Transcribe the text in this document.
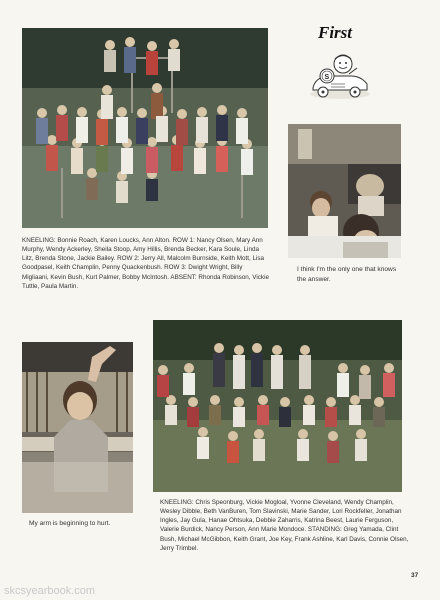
First
S

KNEELING: Bonnie Roach, Karen Loucks, Ann Alton. ROW 1: Nancy Olsen, Mary Ann Murphy, Wendy Ackerley, Sheila Stoop, Amy Hillis, Brenda Becker, Kara Soule, Linda Litz, Brenda Stone, Jackie Bailey. ROW 2: Jerry All, Malcolm Burnside, Keith Mott, Lisa Goodpasel, Keith Champlin, Penny Quackenbush. ROW 3: Dwight Wright, Billy Migliaani, Kevin Bush, Kurt Palmer, Bobby McIntosh. ABSENT: Rhonda Robinson, Vickie Tuttle, Paula Martin.

I think I'm the only one that knows the answer.

My arm is beginning to hurt.

KNEELING: Chris Speonburg, Vickie Mogloal, Yvonne Cleveland, Wendy Champlin, Wesley Dibble, Beth VanBuren, Tom Slavinski, Marie Sander, Lori Rockfeller, Jonathan Ingles, Jay Gula, Hanae Ohtsuka, Debbie Zaharris, Katrina Beest, Laurie Ferguson, Valerie Burdick, Nancy Person, Ann Marie Mondoce. STANDING: Greg Yamada, Clint Bush, Michael McGibbon, Keith Grant, Joe Key, Frank Ashline, Karl Davis, Connie Olsen, Jerry Trimbel.

skcsyearbook.com
37
